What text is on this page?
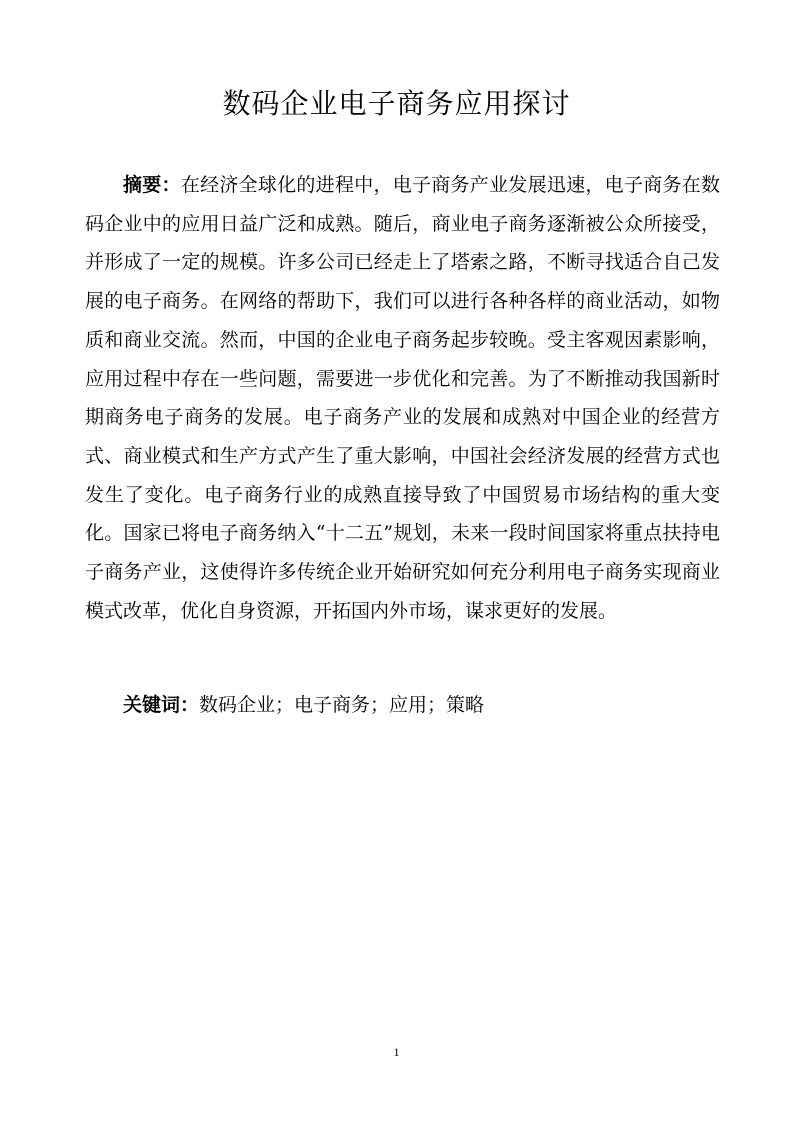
数码企业电子商务应用探讨

摘要：在经济全球化的进程中，电子商务产业发展迅速，电子商务在数码企业中的应用日益广泛和成熟。随后，商业电子商务逐渐被公众所接受，并形成了一定的规模。许多公司已经走上了塔索之路，不断寻找适合自己发展的电子商务。在网络的帮助下，我们可以进行各种各样的商业活动，如物质和商业交流。然而，中国的企业电子商务起步较晚。受主客观因素影响，应用过程中存在一些问题，需要进一步优化和完善。为了不断推动我国新时期商务电子商务的发展。电子商务产业的发展和成熟对中国企业的经营方式、商业模式和生产方式产生了重大影响，中国社会经济发展的经营方式也发生了变化。电子商务行业的成熟直接导致了中国贸易市场结构的重大变化。国家已将电子商务纳入“十二五”规划，未来一段时间国家将重点扶持电子商务产业，这使得许多传统企业开始研究如何充分利用电子商务实现商业模式改革，优化自身资源，开拓国内外市场，谋求更好的发展。

关键词：数码企业；电子商务；应用；策略

1
